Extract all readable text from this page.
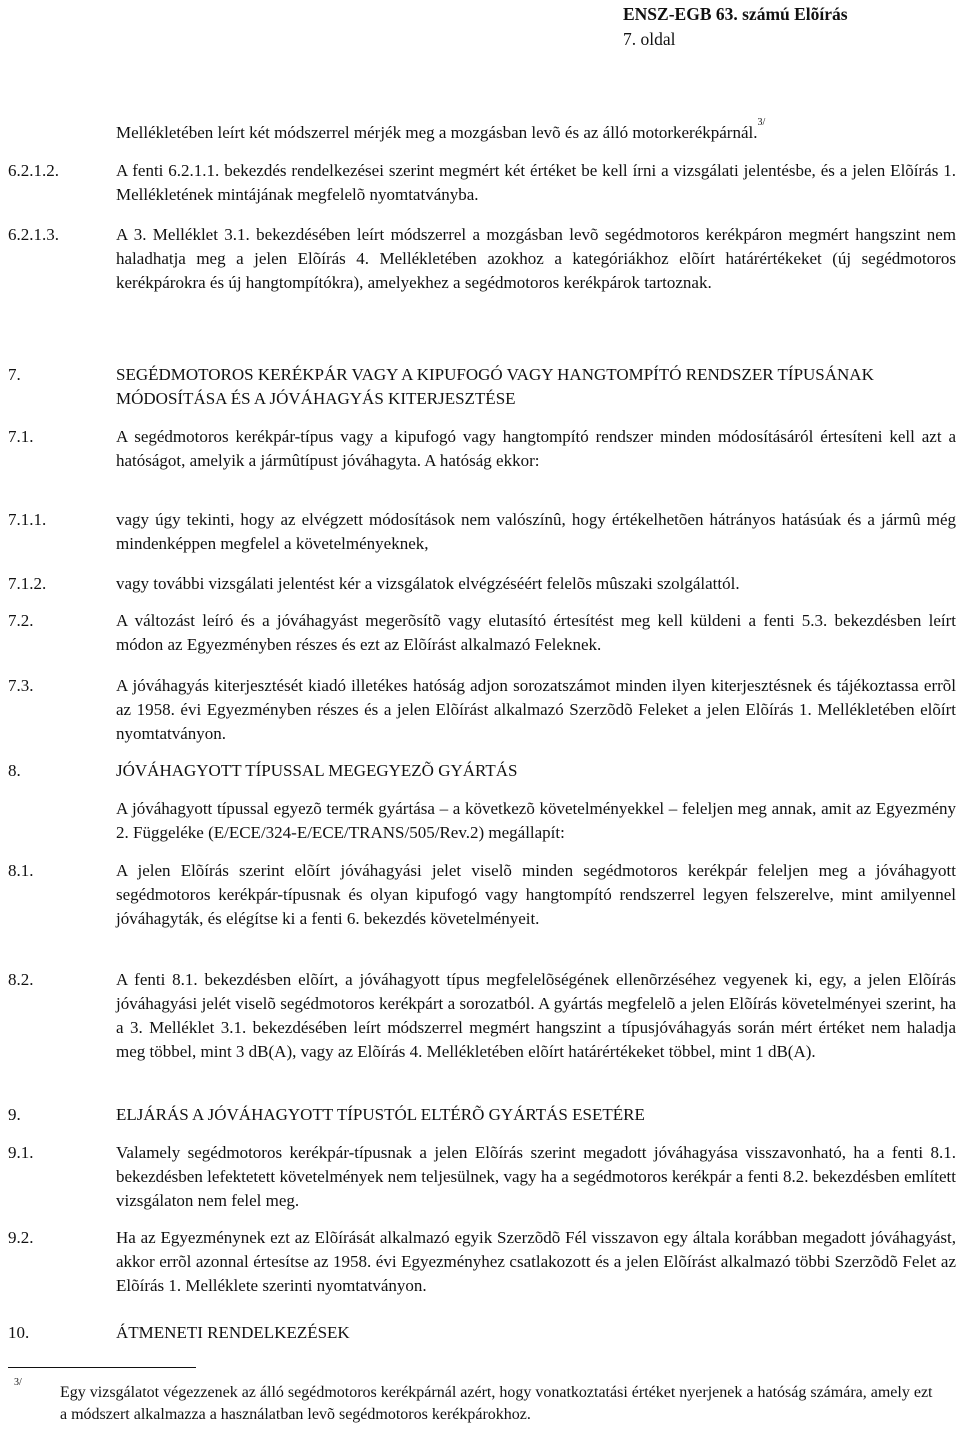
ENSZ-EGB 63. számú Elõírás
7. oldal
Mellékletében leírt két módszerrel mérjék meg a mozgásban levõ és az álló motorkerékpárnál.$^{3/}$
6.2.1.2.	A fenti 6.2.1.1. bekezdés rendelkezései szerint megmért két értéket be kell írni a vizsgálati jelentésbe, és a jelen Elõírás 1. Mellékletének mintájának megfelelõ nyomtatványba.
6.2.1.3.	A 3. Melléklet 3.1. bekezdésében leírt módszerrel a mozgásban levõ segédmotoros kerékpáron megmért hangszint nem haladhatja meg a jelen Elõírás 4. Mellékletében azokhoz a kategóriákhoz elõírt határértékeket (új segédmotoros kerékpárokra és új hangtompítókra), amelyekhez a segédmotoros kerékpárok tartoznak.
7.	SEGÉDMOTOROS KERÉKPÁR VAGY A KIPUFOGÓ VAGY HANGTOMPÍTÓ RENDSZER TÍPUSÁNAK MÓDOSÍTÁSA ÉS A JÓVÁHAGYÁS KITERJESZTÉSE
7.1.	A segédmotoros kerékpár-típus vagy a kipufogó vagy hangtompító rendszer minden módosításáról értesíteni kell azt a hatóságot, amelyik a jármûtípust jóváhagyta. A hatóság ekkor:
7.1.1.	vagy úgy tekinti, hogy az elvégzett módosítások nem valószínû, hogy értékelhetõen hátrányos hatásúak és a jármû még mindenképpen megfelel a követelményeknek,
7.1.2.	vagy további vizsgálati jelentést kér a vizsgálatok elvégzéséért felelõs mûszaki szolgálattól.
7.2.	A változást leíró és a jóváhagyást megerõsítõ vagy elutasító értesítést meg kell küldeni a fenti 5.3. bekezdésben leírt módon az Egyezményben részes és ezt az Elõírást alkalmazó Feleknek.
7.3.	A jóváhagyás kiterjesztését kiadó illetékes hatóság adjon sorozatszámot minden ilyen kiterjesztésnek és tájékoztassa errõl az 1958. évi Egyezményben részes és a jelen Elõírást alkalmazó Szerzõdõ Feleket a jelen Elõírás 1. Mellékletében elõírt nyomtatványon.
8.	JÓVÁHAGYOTT TÍPUSSAL MEGEGYEZÕ GYÁRTÁS
A jóváhagyott típussal egyezõ termék gyártása – a következõ követelményekkel – feleljen meg annak, amit az Egyezmény 2. Függeléke (E/ECE/324-E/ECE/TRANS/505/Rev.2) megállapít:
8.1.	A jelen Elõírás szerint elõírt jóváhagyási jelet viselõ minden segédmotoros kerékpár feleljen meg a jóváhagyott segédmotoros kerékpár-típusnak és olyan kipufogó vagy hangtompító rendszerrel legyen felszerelve, mint amilyennel jóváhagyták, és elégítse ki a fenti 6. bekezdés követelményeit.
8.2.	A fenti 8.1. bekezdésben elõírt, a jóváhagyott típus megfelelõségének ellenõrzéséhez vegyenek ki, egy, a jelen Elõírás jóváhagyási jelét viselõ segédmotoros kerékpárt a sorozatból. A gyártás megfelelõ a jelen Elõírás követelményei szerint, ha a 3. Melléklet 3.1. bekezdésében leírt módszerrel megmért hangszint a típusjóváhagyás során mért értéket nem haladja meg többel, mint 3 dB(A), vagy az Elõírás 4. Mellékletében elõírt határértékeket többel, mint 1 dB(A).
9.	ELJÁRÁS A JÓVÁHAGYOTT TÍPUSTÓL ELTÉRÕ GYÁRTÁS ESETÉRE
9.1.	Valamely segédmotoros kerékpár-típusnak a jelen Elõírás szerint megadott jóváhagyása visszavonható, ha a fenti 8.1. bekezdésben lefektetett követelmények nem teljesülnek, vagy ha a segédmotoros kerékpár a fenti 8.2. bekezdésben említett vizsgálaton nem felel meg.
9.2.	Ha az Egyezménynek ezt az Elõírását alkalmazó egyik Szerzõdõ Fél visszavon egy általa korábban megadott jóváhagyást, akkor errõl azonnal értesítse az 1958. évi Egyezményhez csatlakozott és a jelen Elõírást alkalmazó többi Szerzõdõ Felet az Elõírás 1. Melléklete szerinti nyomtatványon.
10.	ÁTMENETI RENDELKEZÉSEK
3/
Egy vizsgálatot végezzenek az álló segédmotoros kerékpárnál azért, hogy vonatkoztatási értéket nyerjenek a hatóság számára, amely ezt a módszert alkalmazza a használatban levõ segédmotoros kerékpárokhoz.
